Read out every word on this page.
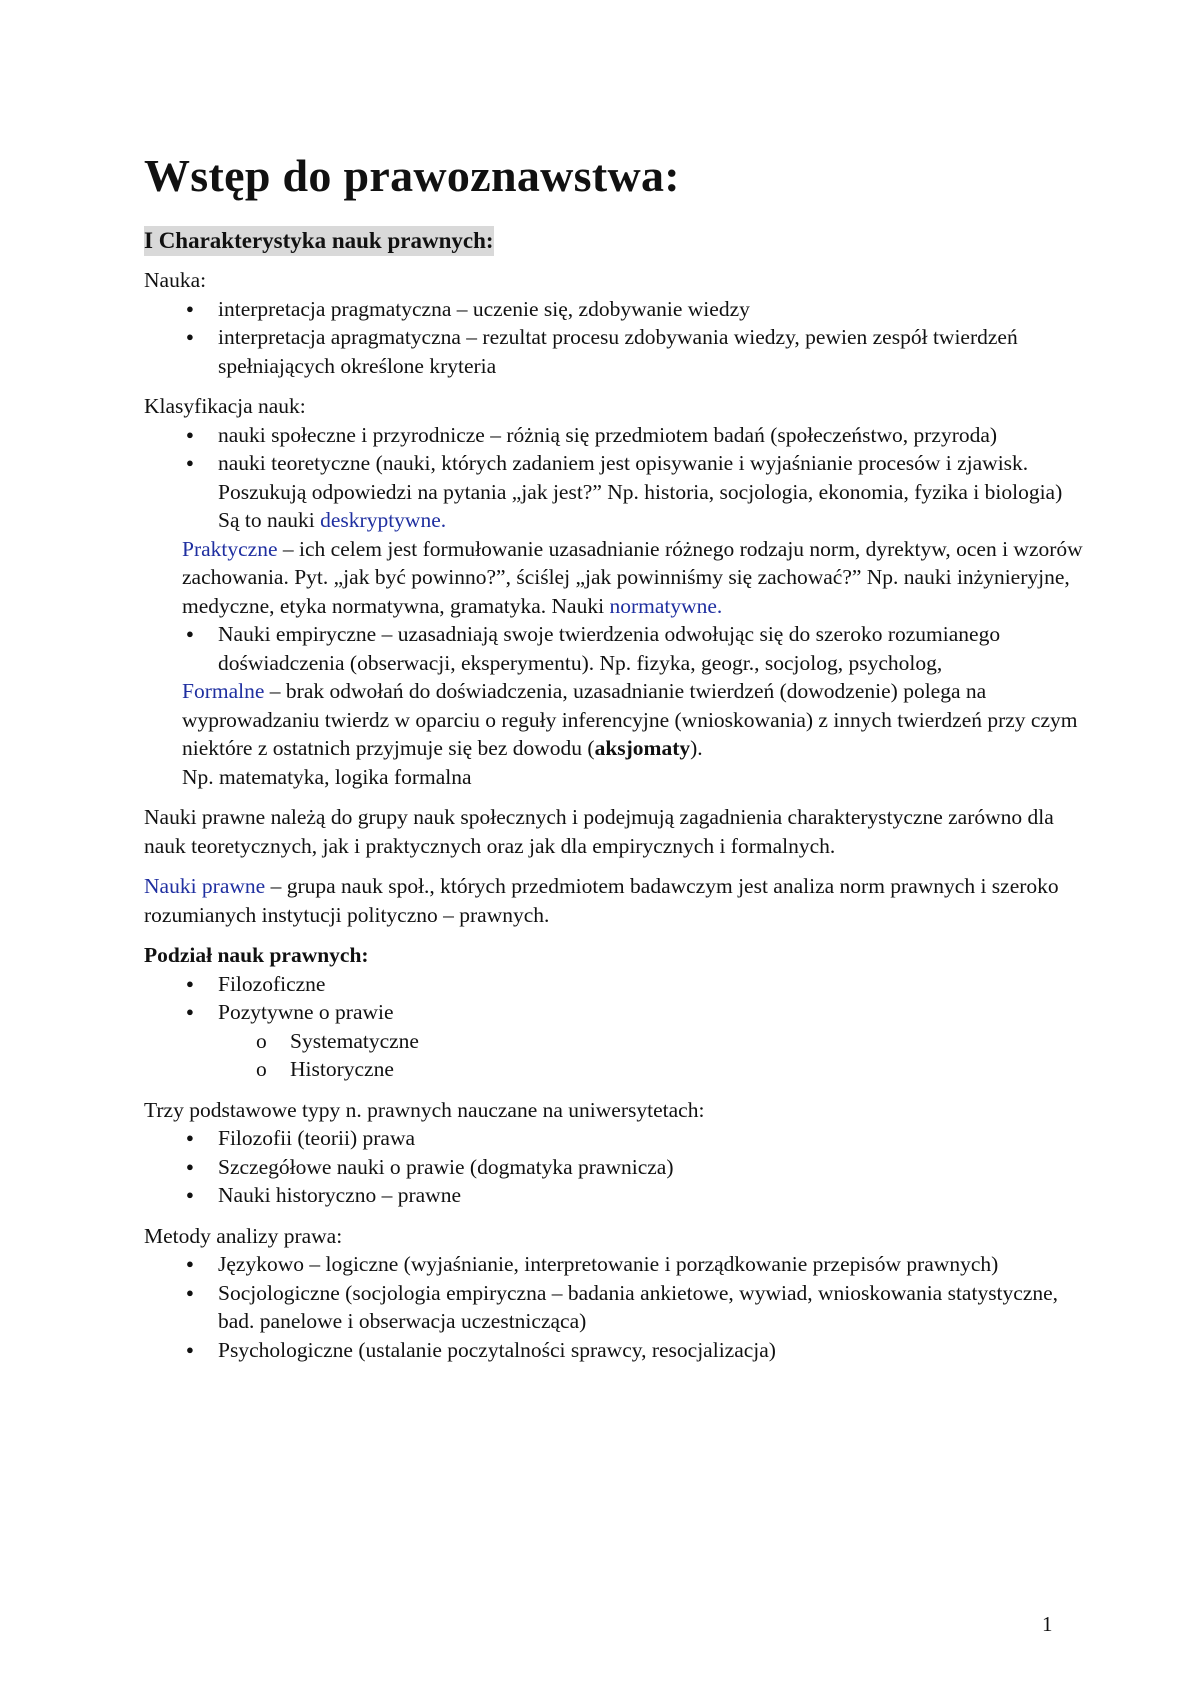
Wstęp do prawoznawstwa:
I Charakterystyka nauk prawnych:

Nauka:

● interpretacja pragmatyczna – uczenie się, zdobywanie wiedzy
● interpretacja apragmatyczna – rezultat procesu zdobywania wiedzy, pewien zespół twierdzeń spełniających określone kryteria

Klasyfikacja nauk:

● nauki społeczne i przyrodnicze – różnią się przedmiotem badań (społeczeństwo, przyroda)
● nauki teoretyczne (nauki, których zadaniem jest opisywanie i wyjaśnianie procesów i zjawisk. Poszukują odpowiedzi na pytania „jak jest?” Np. historia, socjologia, ekonomia, fyzika i biologia) Są to nauki deskryptywne.

Praktyczne – ich celem jest formułowanie uzasadnianie różnego rodzaju norm, dyrektyw, ocen i wzorów zachowania. Pyt. „jak być powinno?”, ściślej „jak powinniśmy się zachować?” Np. nauki inżynieryjne, medyczne, etyka normatywna, gramatyka. Nauki normatywne.

● Nauki empiryczne – uzasadniają swoje twierdzenia odwołując się do szeroko rozumianego doświadczenia (obserwacji, eksperymentu). Np. fizyka, geogr., socjolog, psycholog,

Formalne – brak odwołań do doświadczenia, uzasadnianie twierdzeń (dowodzenie) polega na wyprowadzaniu twierdz w oparciu o reguły inferencyjne (wnioskowania) z innych twierdzeń przy czym niektóre z ostatnich przyjmuje się bez dowodu (aksjomaty).

Np. matematyka, logika formalna

Nauki prawne należą do grupy nauk społecznych i podejmują zagadnienia charakterystyczne zarówno dla nauk teoretycznych, jak i praktycznych oraz jak dla empirycznych i formalnych.

Nauki prawne – grupa nauk społ., których przedmiotem badawczym jest analiza norm prawnych i szeroko rozumianych instytucji polityczno – prawnych.

Podział nauk prawnych:

● Filozoficzne
● Pozytywne o prawie
o Systematyczne
o Historyczne

Trzy podstawowe typy n. prawnych nauczane na uniwersytetach:

● Filozofii (teorii) prawa
● Szczegółowe nauki o prawie (dogmatyka prawnicza)
● Nauki historyczno – prawne

Metody analizy prawa:

● Językowo – logiczne (wyjaśnianie, interpretowanie i porządkowanie przepisów prawnych)
● Socjologiczne (socjologia empiryczna – badania ankietowe, wywiad, wnioskowania statystyczne, bad. panelowe i obserwacja uczestnicząca)
● Psychologiczne (ustalanie poczytalności sprawcy, resocjalizacja)
1
